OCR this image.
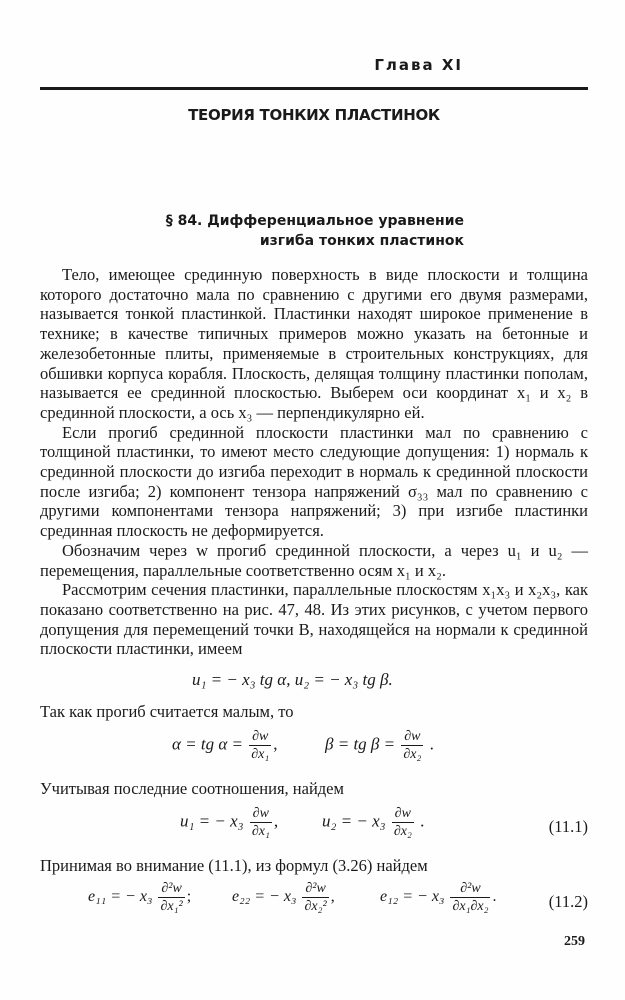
Глава XI
ТЕОРИЯ ТОНКИХ ПЛАСТИНОК
§ 84. Дифференциальное уравнение
изгиба тонких пластинок

Тело, имеющее срединную поверхность в виде плоскости и толщина которого достаточно мала по сравнению с другими его двумя размерами, называется тонкой пластинкой. Пластинки находят широкое применение в технике; в качестве типичных примеров можно указать на бетонные и железобетонные плиты, применяемые в строительных конструкциях, для обшивки корпуса корабля. Плоскость, делящая толщину пластинки пополам, называется ее срединной плоскостью. Выберем оси координат x₁ и x₂ в срединной плоскости, а ось x₃ — перпендикулярно ей.

Если прогиб срединной плоскости пластинки мал по сравнению с толщиной пластинки, то имеют место следующие допущения: 1) нормаль к срединной плоскости до изгиба переходит в нормаль к срединной плоскости после изгиба; 2) компонент тензора напряжений σ₃₃ мал по сравнению с другими компонентами тензора напряжений; 3) при изгибе пластинки срединная плоскость не деформируется.

Обозначим через w прогиб срединной плоскости, а через u₁ и u₂ — перемещения, параллельные соответственно осям x₁ и x₂.

Рассмотрим сечения пластинки, параллельные плоскостям x₁x₃ и x₂x₃, как показано соответственно на рис. 47, 48. Из этих рисунков, с учетом первого допущения для перемещений точки B, находящейся на нормали к срединной плоскости пластинки, имеем

u₁ = − x₃ tg α, u₂ = − x₃ tg β.
Так как прогиб считается малым, то
α = tg $\alpha = \frac{\partial w}{\text{∂x₁}}$ ,	β = tg $\beta = \frac{\partial w}{\text{∂x₂}}$ .
Учитывая последние соотношения, найдем
u₁ = − $x_3 \frac{\partial w}{\text{∂x₁}}$ ,	u₂ = − $x_3 \frac{\partial w}{\text{∂x₂}}$ .	(11.1)
Принимая во внимание (11.1), из формул (3.26) найдем
e₁₁ = − $x_3 \frac{\text{∂²w}}{\text{∂x₁²}}$ ;	e₂₂ = − $x_3 \frac{\text{∂²w}}{\text{∂x₂²}}$ ,	e₁₂ = − $x_3 \frac{\text{∂²w}}{\text{∂x₁∂x₂}}$ .	(11.2)
259
